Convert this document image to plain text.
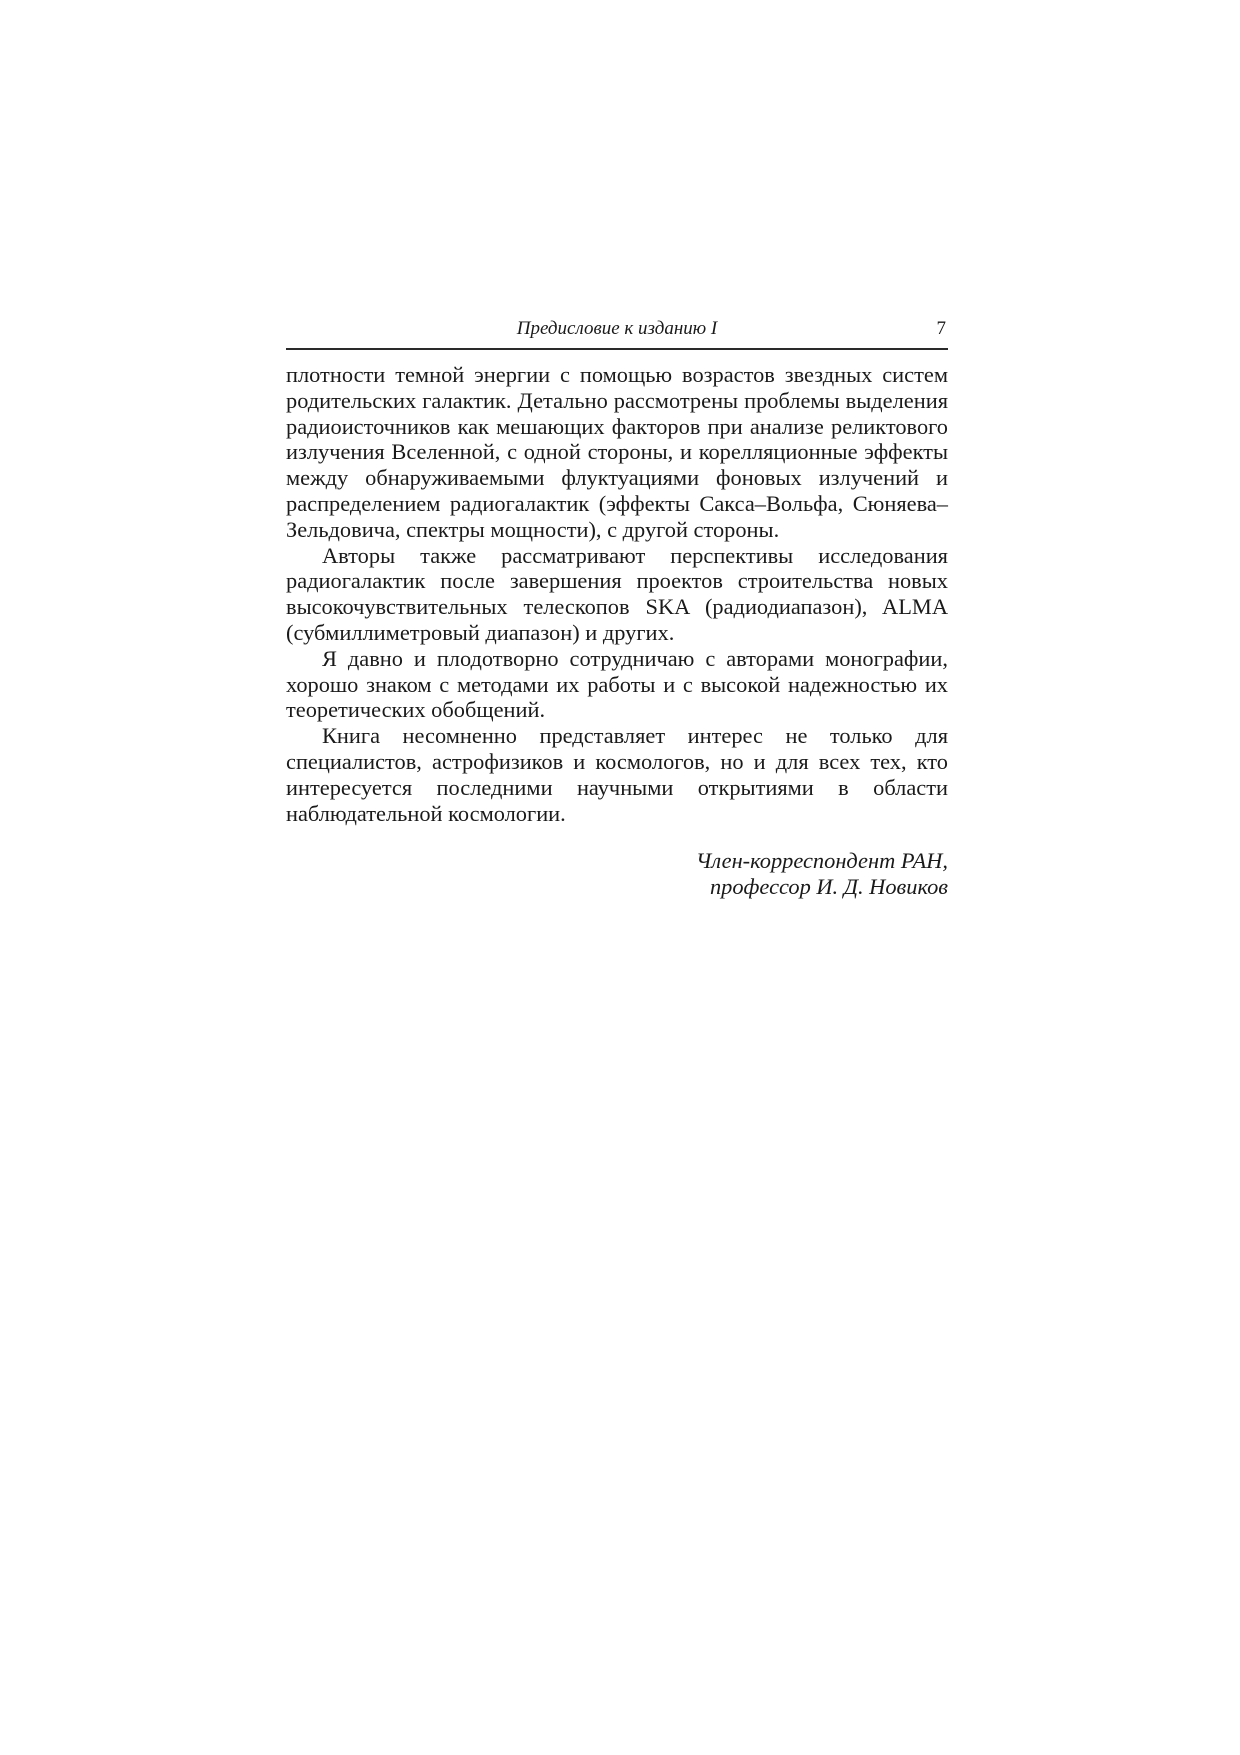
Предисловие к изданию I	7

плотности темной энергии с помощью возрастов звездных систем родительских галактик. Детально рассмотрены проблемы выделения радиоисточников как мешающих факторов при анализе реликтового излучения Вселенной, с одной стороны, и корелляционные эффекты между обнаруживаемыми флуктуациями фоновых излучений и распределением радиогалактик (эффекты Сакса–Вольфа, Сюняева–Зельдовича, спектры мощности), с другой стороны.

Авторы также рассматривают перспективы исследования радиогалактик после завершения проектов строительства новых высокочувствительных телескопов SKA (радиодиапазон), ALMA (субмиллиметровый диапазон) и других.

Я давно и плодотворно сотрудничаю с авторами монографии, хорошо знаком с методами их работы и с высокой надежностью их теоретических обобщений.

Книга несомненно представляет интерес не только для специалистов, астрофизиков и космологов, но и для всех тех, кто интересуется последними научными открытиями в области наблюдательной космологии.

Член-корреспондент РАН,
профессор И. Д. Новиков
